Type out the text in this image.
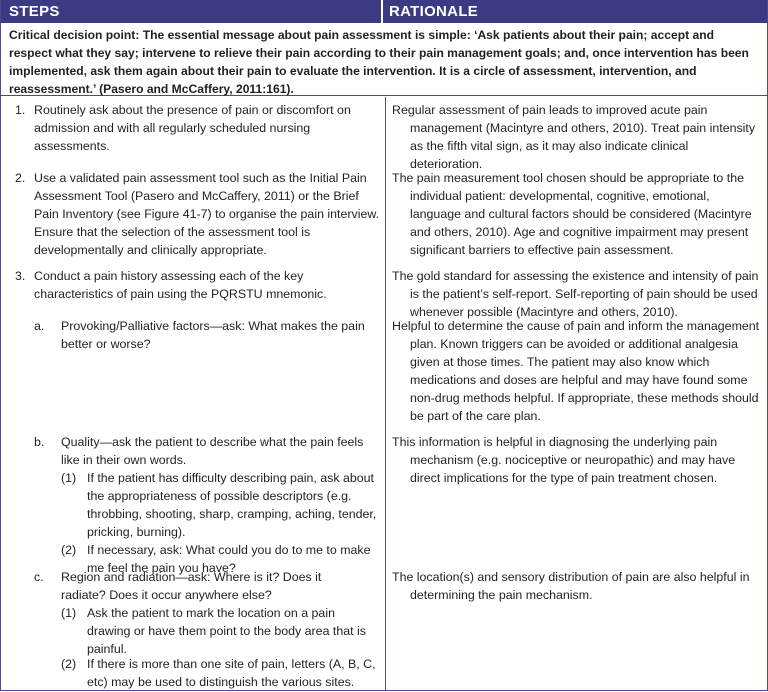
STEPS	RATIONALE
Critical decision point: The essential message about pain assessment is simple: ‘Ask patients about their pain; accept and respect what they say; intervene to relieve their pain according to their pain management goals; and, once intervention has been implemented, ask them again about their pain to evaluate the intervention. It is a circle of assessment, intervention, and reassessment.’ (Pasero and McCaffery, 2011:161).
1. Routinely ask about the presence of pain or discomfort on admission and with all regularly scheduled nursing assessments.
2. Use a validated pain assessment tool such as the Initial Pain Assessment Tool (Pasero and McCaffery, 2011) or the Brief Pain Inventory (see Figure 41-7) to organise the pain interview. Ensure that the selection of the assessment tool is developmentally and clinically appropriate.
3. Conduct a pain history assessing each of the key characteristics of pain using the PQRSTU mnemonic.
a. Provoking/Palliative factors—ask: What makes the pain better or worse?
b. Quality—ask the patient to describe what the pain feels like in their own words.
(1) If the patient has difficulty describing pain, ask about the appropriateness of possible descriptors (e.g. throbbing, shooting, sharp, cramping, aching, tender, pricking, burning).
(2) If necessary, ask: What could you do to me to make me feel the pain you have?
c. Region and radiation—ask: Where is it? Does it radiate? Does it occur anywhere else?
(1) Ask the patient to mark the location on a pain drawing or have them point to the body area that is painful.
(2) If there is more than one site of pain, letters (A, B, C, etc) may be used to distinguish the various sites.

Regular assessment of pain leads to improved acute pain management (Macintyre and others, 2010). Treat pain intensity as the fifth vital sign, as it may also indicate clinical deterioration.

The pain measurement tool chosen should be appropriate to the individual patient: developmental, cognitive, emotional, language and cultural factors should be considered (Macintyre and others, 2010). Age and cognitive impairment may present significant barriers to effective pain assessment.

The gold standard for assessing the existence and intensity of pain is the patient’s self-report. Self-reporting of pain should be used whenever possible (Macintyre and others, 2010).

Helpful to determine the cause of pain and inform the management plan. Known triggers can be avoided or additional analgesia given at those times. The patient may also know which medications and doses are helpful and may have found some non-drug methods helpful. If appropriate, these methods should be part of the care plan.

This information is helpful in diagnosing the underlying pain mechanism (e.g. nociceptive or neuropathic) and may have direct implications for the type of pain treatment chosen.

The location(s) and sensory distribution of pain are also helpful in determining the pain mechanism.
